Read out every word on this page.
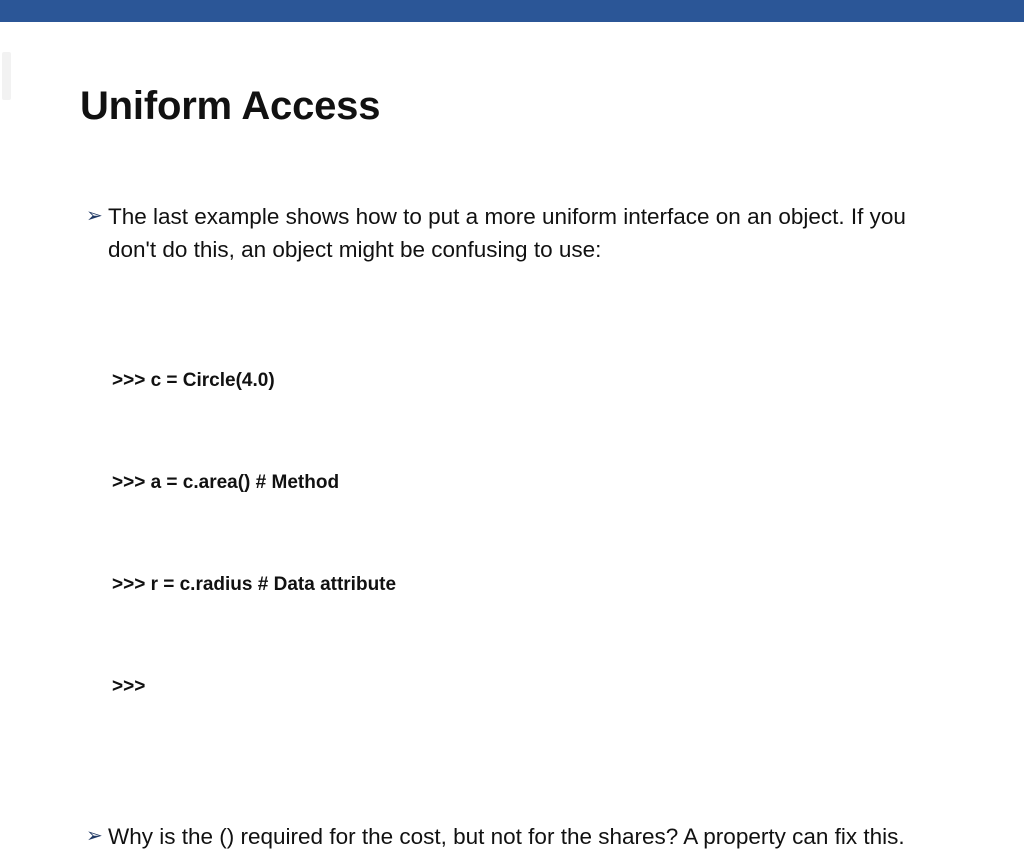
Uniform Access
➢ The last example shows how to put a more uniform interface on an object. If you don't do this, an object might be confusing to use:

>>> c = Circle(4.0)

>>> a = c.area() # Method

>>> r = c.radius # Data attribute

>>>

➢ Why is the () required for the cost, but not for the shares? A property can fix this.
